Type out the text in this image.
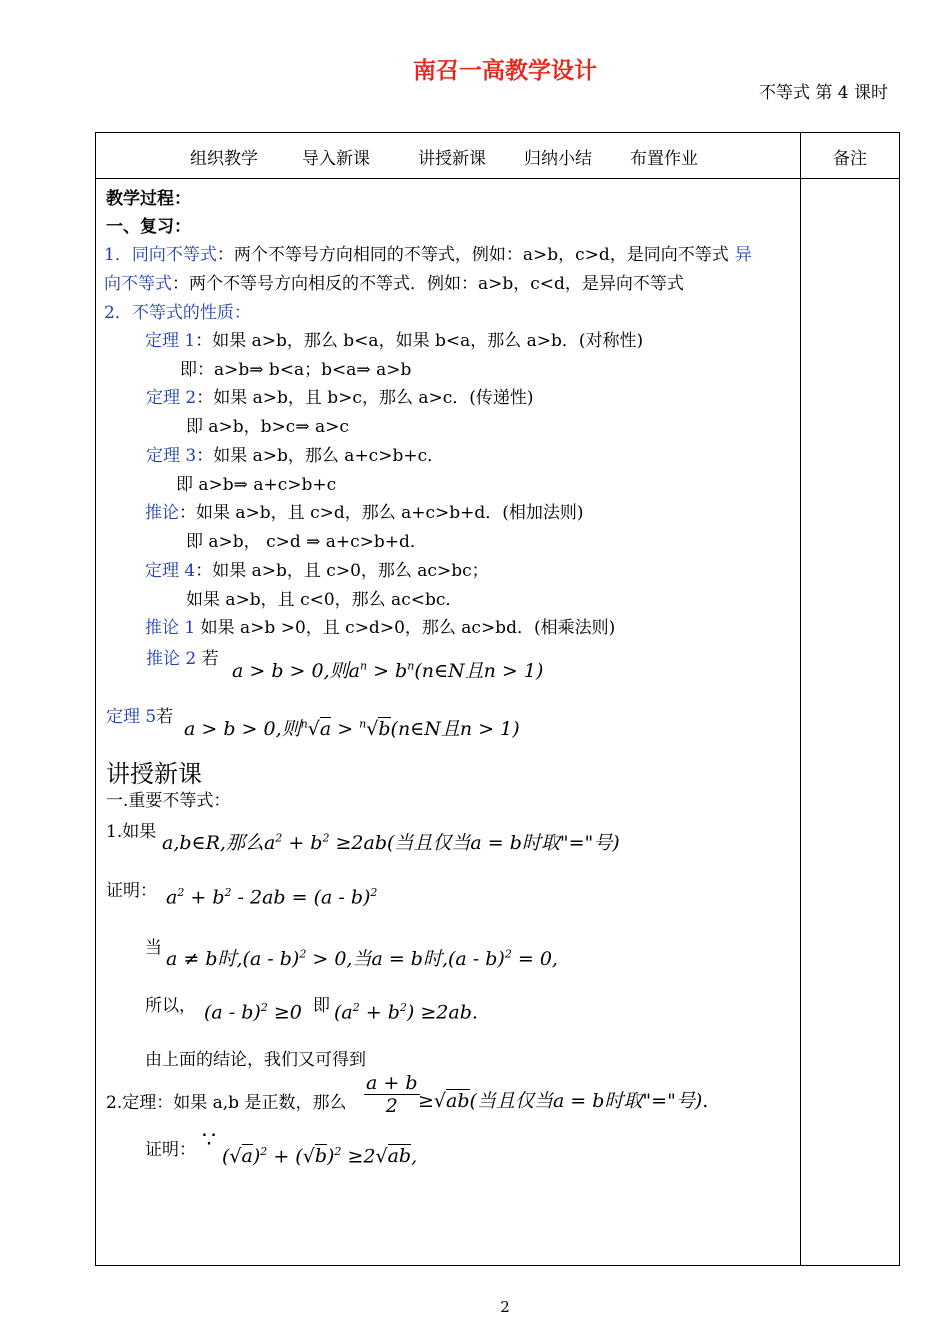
南召一高教学设计
不等式 第 4 课时
组织教学	导入新课	讲授新课 归纳小结 布置作业	备注
教学过程：
一、复习：
1．同向不等式：两个不等号方向相同的不等式，例如：a>b，c>d，是同向不等式 异
向不等式：两个不等号方向相反的不等式．例如：a>b，c<d，是异向不等式
2．不等式的性质：
定理 1：如果 a>b，那么 b<a，如果 b<a，那么 a>b．(对称性)
即：a>b⇒ b<a；b<a⇒ a>b
定理 2：如果 a>b，且 b>c，那么 a>c．(传递性)
即 a>b，b>c⇒ a>c
定理 3：如果 a>b，那么 a+c>b+c．
即 a>b⇒ a+c>b+c
推论：如果 a>b，且 c>d，那么 a+c>b+d．(相加法则)
即 a>b， c>d ⇒ a+c>b+d．
定理 4：如果 a>b，且 c>0，那么 ac>bc；
如果 a>b，且 c<0，那么 ac<bc．
推论 1 如果 a>b >0，且 c>d>0，那么 ac>bd．(相乘法则)
推论 2 若
a > b > 0,则$a^n$ > $b^n(n\in N$且n > 1)
定理 5若
a > b > 0,则$^n$√a > $^n$√b(n∈N且n > 1)
讲授新课
一.重要不等式：
1.如果 a,b∈R,那么$a^2 + b^2 \ge 2ab$(当且仅当a = b时取"="号)
证明： $a^2 + b^2 - 2ab = (a - b)^2$
当 a ≠ b时,(a - b)$^2$ > 0,当a = b时,(a - b)$^2$ = 0,
所以， (a - b)$^2$ ≥0 即 $(a^2 + b^2) \ge 2ab$.
由上面的结论，我们又可得到
2.定理：如果 a,b 是正数，那么 $\frac{a + b}{2}$
≥√ab(当且仅当a = b时取"="号).
证明： ∵
$(√a)^2 + (√b)^2 \ge 2√ab$,
2
